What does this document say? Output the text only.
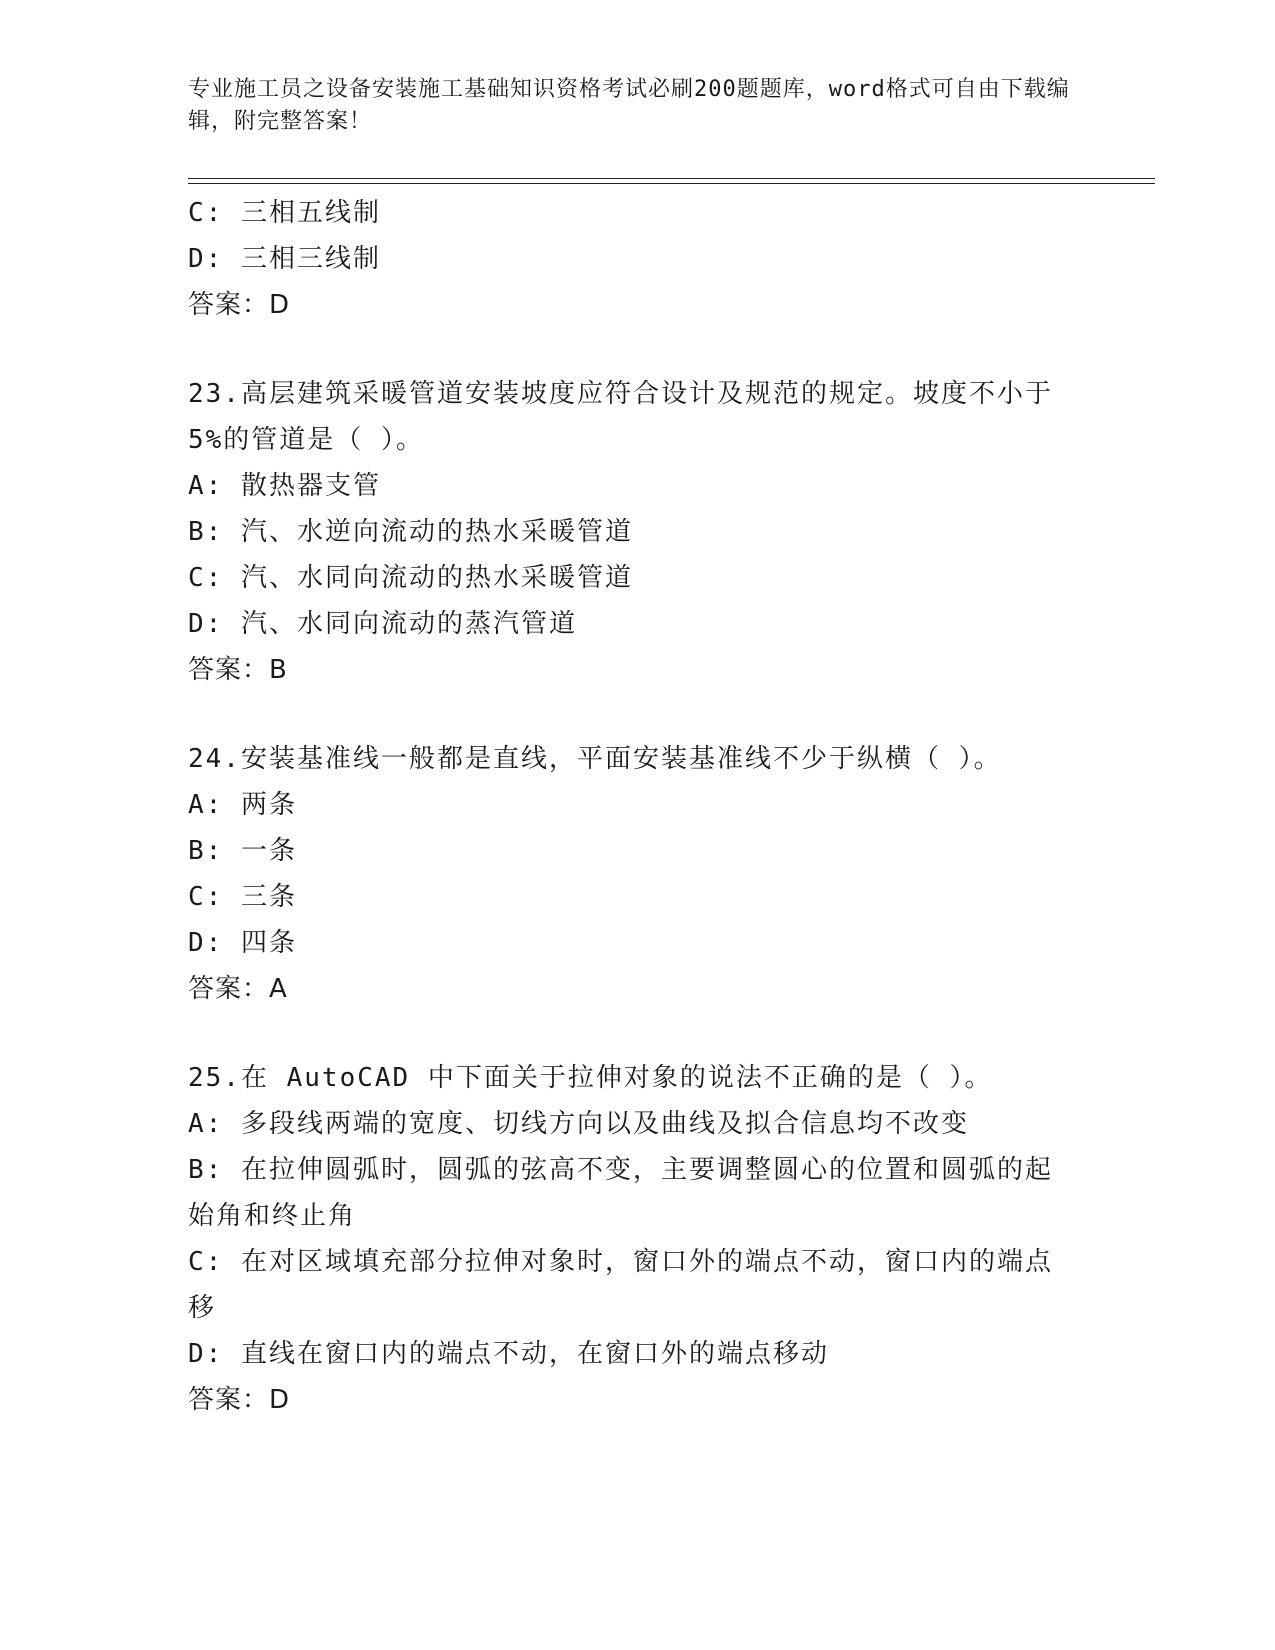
专业施工员之设备安装施工基础知识资格考试必刷200题题库，word格式可自由下载编辑，附完整答案！
C: 三相五线制
D: 三相三线制
答案：D
23.高层建筑采暖管道安装坡度应符合设计及规范的规定。坡度不小于
5%的管道是（ ）。
A: 散热器支管
B: 汽、水逆向流动的热水采暖管道
C: 汽、水同向流动的热水采暖管道
D: 汽、水同向流动的蒸汽管道
答案：B
24.安装基准线一般都是直线，平面安装基准线不少于纵横（ ）。
A: 两条
B: 一条
C: 三条
D: 四条
答案：A
25.在 AutoCAD 中下面关于拉伸对象的说法不正确的是（ ）。
A: 多段线两端的宽度、切线方向以及曲线及拟合信息均不改变
B: 在拉伸圆弧时，圆弧的弦高不变，主要调整圆心的位置和圆弧的起
始角和终止角
C: 在对区域填充部分拉伸对象时，窗口外的端点不动，窗口内的端点
移
D: 直线在窗口内的端点不动，在窗口外的端点移动
答案：D
